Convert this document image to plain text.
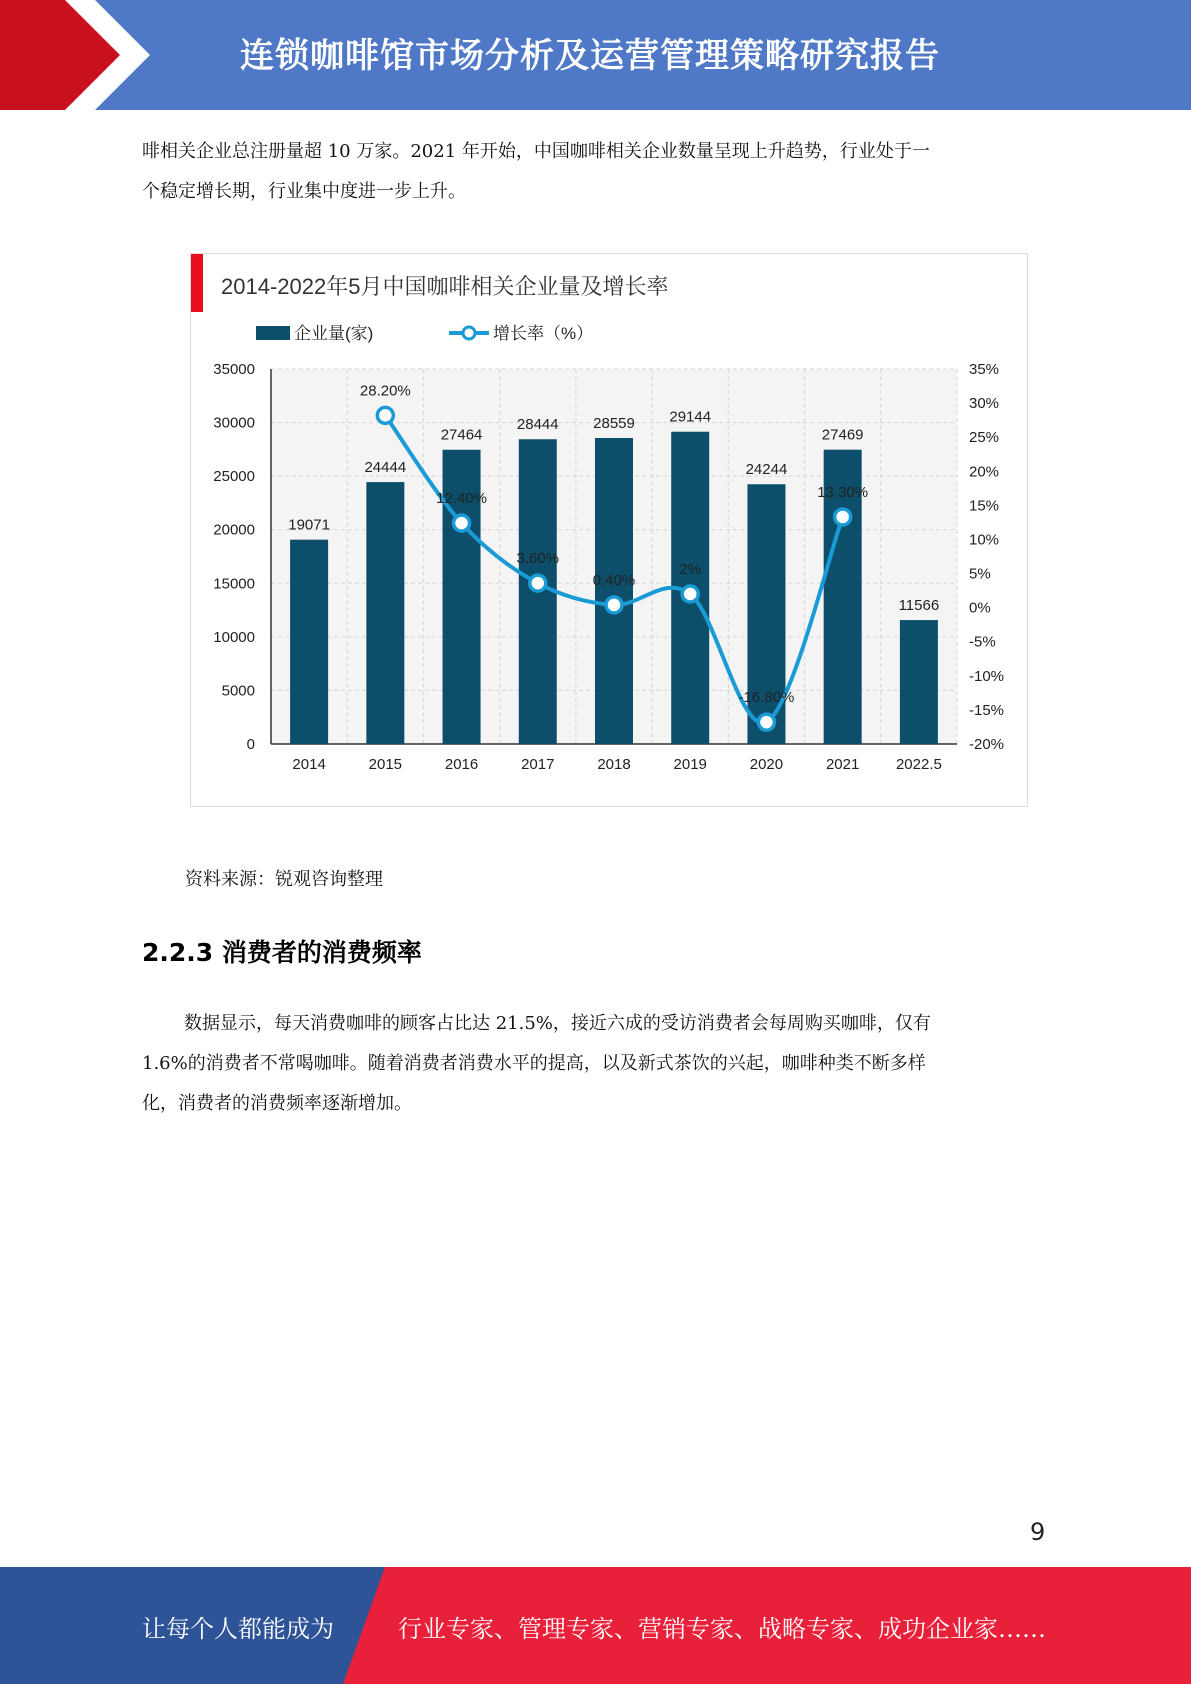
连锁咖啡馆市场分析及运营管理策略研究报告
啡相关企业总注册量超 10 万家。2021 年开始，中国咖啡相关企业数量呈现上升趋势，行业处于一
个稳定增长期，行业集中度进一步上升。
2014-2022年5月中国咖啡相关企业量及增长率
企业量(家)	增长率（%）
0
5000
10000
15000
20000
25000
30000
35000
-20%
-15%
-10%
-5%
0%
5%
10%
15%
20%
25%
30%
35%
19071
2014
24444
2015
27464
2016
28444
2017
28559
2018
29144
2019
24244
2020
27469
2021
11566
2022.5
28.20%
12.40%
3.60%
0.40%
2%
-16.80%
13.30%
资料来源：锐观咨询整理
2.2.3 消费者的消费频率
数据显示，每天消费咖啡的顾客占比达 21.5%，接近六成的受访消费者会每周购买咖啡，仅有
1.6%的消费者不常喝咖啡。随着消费者消费水平的提高，以及新式茶饮的兴起，咖啡种类不断多样
化，消费者的消费频率逐渐增加。
9
让每个人都能成为	行业专家、管理专家、营销专家、战略专家、成功企业家……
